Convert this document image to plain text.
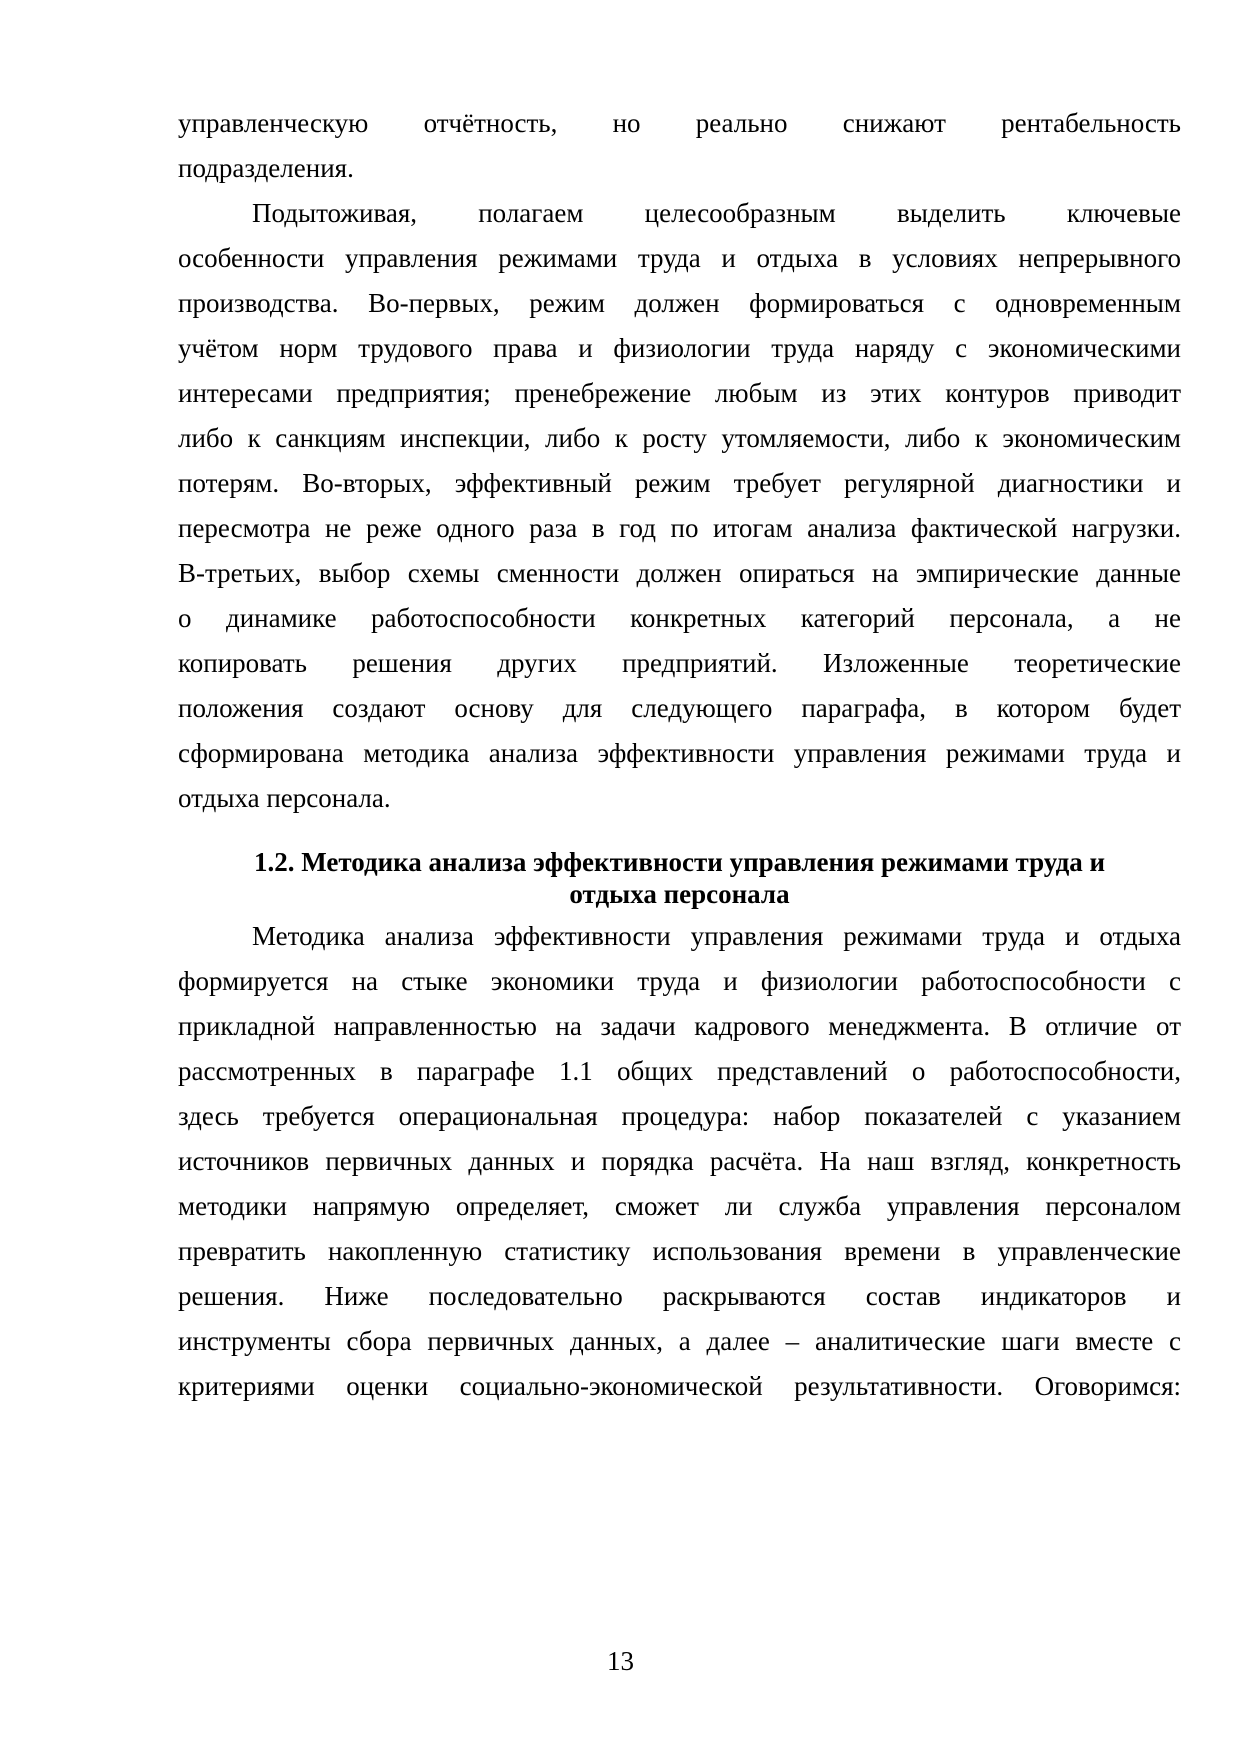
управленческую отчётность, но реально снижают рентабельность
подразделения.
Подытоживая, полагаем целесообразным выделить ключевые
особенности управления режимами труда и отдыха в условиях непрерывного
производства. Во-первых, режим должен формироваться с одновременным
учётом норм трудового права и физиологии труда наряду с экономическими
интересами предприятия; пренебрежение любым из этих контуров приводит
либо к санкциям инспекции, либо к росту утомляемости, либо к экономическим
потерям. Во-вторых, эффективный режим требует регулярной диагностики и
пересмотра не реже одного раза в год по итогам анализа фактической нагрузки.
В-третьих, выбор схемы сменности должен опираться на эмпирические данные
о динамике работоспособности конкретных категорий персонала, а не
копировать решения других предприятий. Изложенные теоретические
положения создают основу для следующего параграфа, в котором будет
сформирована методика анализа эффективности управления режимами труда и
отдыха персонала.
1.2. Методика анализа эффективности управления режимами труда и
отдыха персонала
Методика анализа эффективности управления режимами труда и отдыха
формируется на стыке экономики труда и физиологии работоспособности с
прикладной направленностью на задачи кадрового менеджмента. В отличие от
рассмотренных в параграфе 1.1 общих представлений о работоспособности,
здесь требуется операциональная процедура: набор показателей с указанием
источников первичных данных и порядка расчёта. На наш взгляд, конкретность
методики напрямую определяет, сможет ли служба управления персоналом
превратить накопленную статистику использования времени в управленческие
решения. Ниже последовательно раскрываются состав индикаторов и
инструменты сбора первичных данных, а далее – аналитические шаги вместе с
критериями оценки социально-экономической результативности. Оговоримся:
13
